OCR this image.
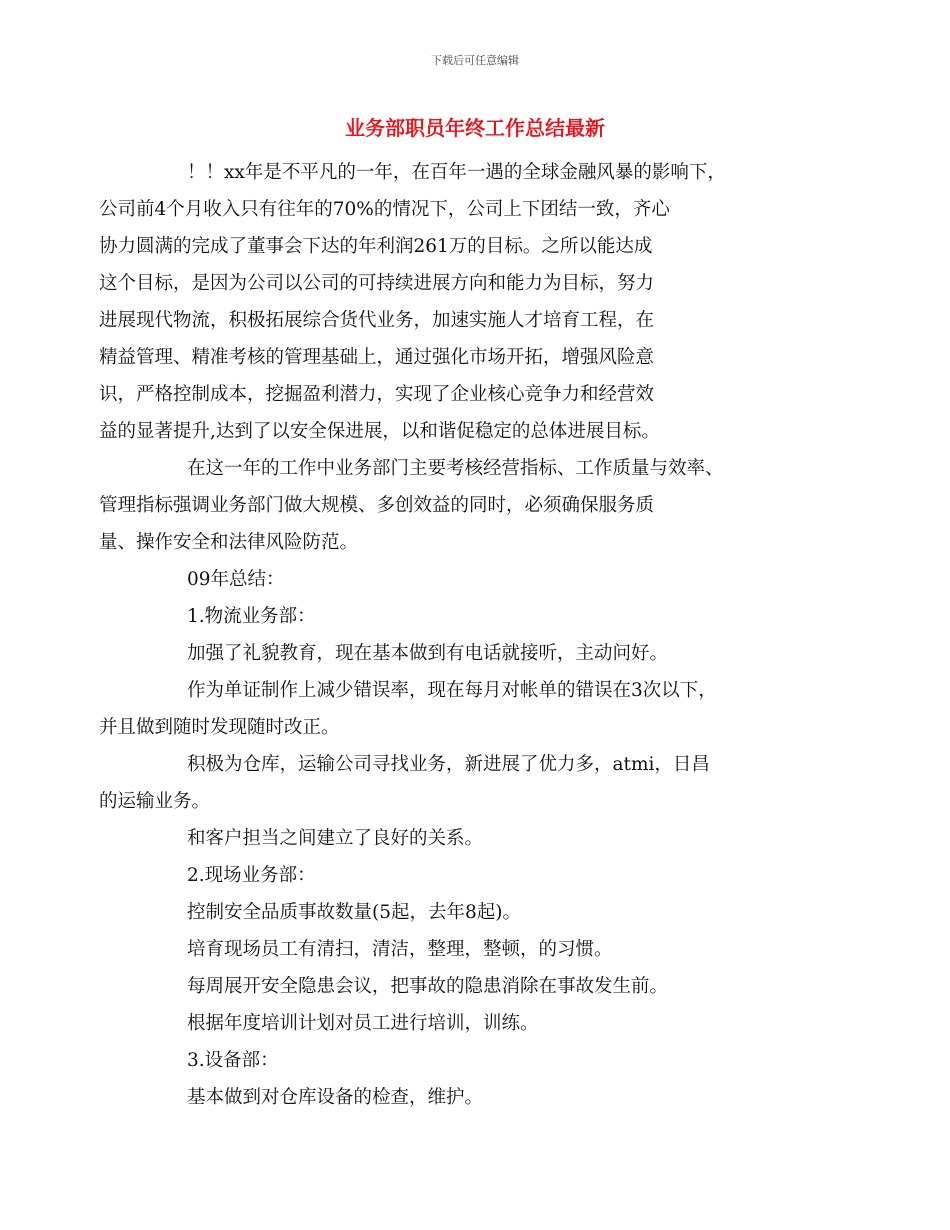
下载后可任意编辑
业务部职员年终工作总结最新

！！xx年是不平凡的一年，在百年一遇的全球金融风暴的影响下，
公司前4个月收入只有往年的70%的情况下，公司上下团结一致，齐心
协力圆满的完成了董事会下达的年利润261万的目标。之所以能达成
这个目标，是因为公司以公司的可持续进展方向和能力为目标，努力
进展现代物流，积极拓展综合货代业务，加速实施人才培育工程，在
精益管理、精准考核的管理基础上，通过强化市场开拓，增强风险意
识，严格控制成本，挖掘盈利潜力，实现了企业核心竞争力和经营效
益的显著提升,达到了以安全保进展，以和谐促稳定的总体进展目标。

在这一年的工作中业务部门主要考核经营指标、工作质量与效率、
管理指标强调业务部门做大规模、多创效益的同时，必须确保服务质
量、操作安全和法律风险防范。

09年总结：

1.物流业务部：

加强了礼貌教育，现在基本做到有电话就接听，主动问好。

作为单证制作上减少错误率，现在每月对帐单的错误在3次以下，
并且做到随时发现随时改正。

积极为仓库，运输公司寻找业务，新进展了优力多，atmi，日昌
的运输业务。

和客户担当之间建立了良好的关系。

2.现场业务部：

控制安全品质事故数量(5起，去年8起)。

培育现场员工有清扫，清洁，整理，整顿，的习惯。

每周展开安全隐患会议，把事故的隐患消除在事故发生前。

根据年度培训计划对员工进行培训，训练。

3.设备部：

基本做到对仓库设备的检查，维护。
